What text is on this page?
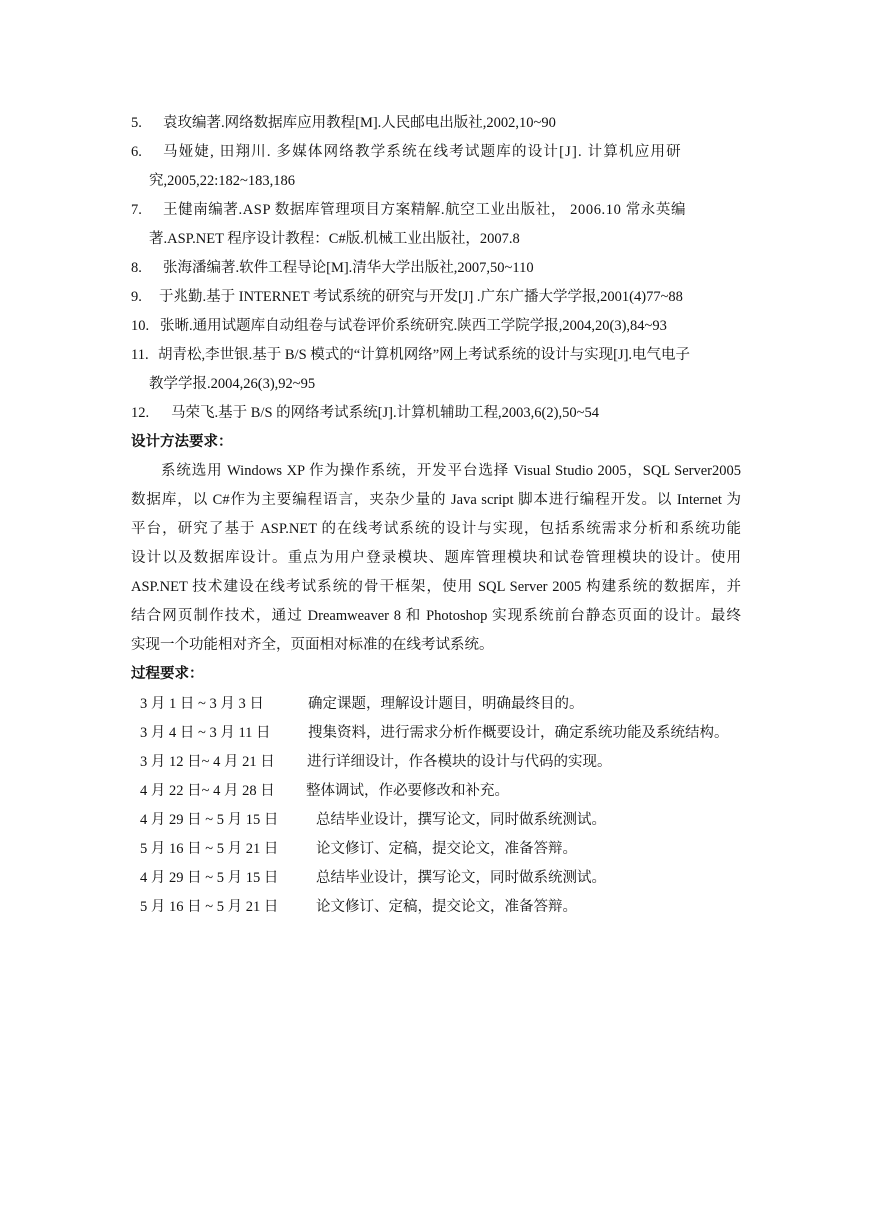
5. 袁玫编著.网络数据库应用教程[M].人民邮电出版社,2002,10~90
6. 马娅婕, 田翔川. 多媒体网络教学系统在线考试题库的设计[J]. 计算机应用研
究,2005,22:182~183,186
7. 王健南编著.ASP 数据库管理项目方案精解.航空工业出版社， 2006.10 常永英编
著.ASP.NET 程序设计教程：C#版.机械工业出版社，2007.8
8. 张海潘编著.软件工程导论[M].清华大学出版社,2007,50~110
9. 于兆勤.基于 INTERNET 考试系统的研究与开发[J] .广东广播大学学报,2001(4)77~88
10. 张晰.通用试题库自动组卷与试卷评价系统研究.陕西工学院学报,2004,20(3),84~93
11. 胡青松,李世银.基于 B/S 模式的“计算机网络”网上考试系统的设计与实现[J].电气电子
教学学报.2004,26(3),92~95
12. 马荣飞.基于 B/S 的网络考试系统[J].计算机辅助工程,2003,6(2),50~54
设计方法要求：
系统选用 Windows XP 作为操作系统，开发平台选择 Visual Studio 2005，SQL Server2005
数据库，以 C#作为主要编程语言，夹杂少量的 Java script 脚本进行编程开发。以 Internet 为
平台，研究了基于 ASP.NET 的在线考试系统的设计与实现，包括系统需求分析和系统功能
设计以及数据库设计。重点为用户登录模块、题库管理模块和试卷管理模块的设计。使用
ASP.NET 技术建设在线考试系统的骨干框架，使用 SQL Server 2005 构建系统的数据库，并
结合网页制作技术，通过 Dreamweaver 8 和 Photoshop 实现系统前台静态页面的设计。最终
实现一个功能相对齐全，页面相对标准的在线考试系统。
过程要求：
3 月 1 日 ~ 3 月 3 日	确定课题，理解设计题目，明确最终目的。
3 月 4 日 ~ 3 月 11 日	搜集资料，进行需求分析作概要设计，确定系统功能及系统结构。
3 月 12 日~ 4 月 21 日 进行详细设计，作各模块的设计与代码的实现。
4 月 22 日~ 4 月 28 日 整体调试，作必要修改和补充。
4 月 29 日 ~ 5 月 15 日	总结毕业设计，撰写论文，同时做系统测试。
5 月 16 日 ~ 5 月 21 日	论文修订、定稿，提交论文，准备答辩。
4 月 29 日 ~ 5 月 15 日	总结毕业设计，撰写论文，同时做系统测试。
5 月 16 日 ~ 5 月 21 日	论文修订、定稿，提交论文，准备答辩。
